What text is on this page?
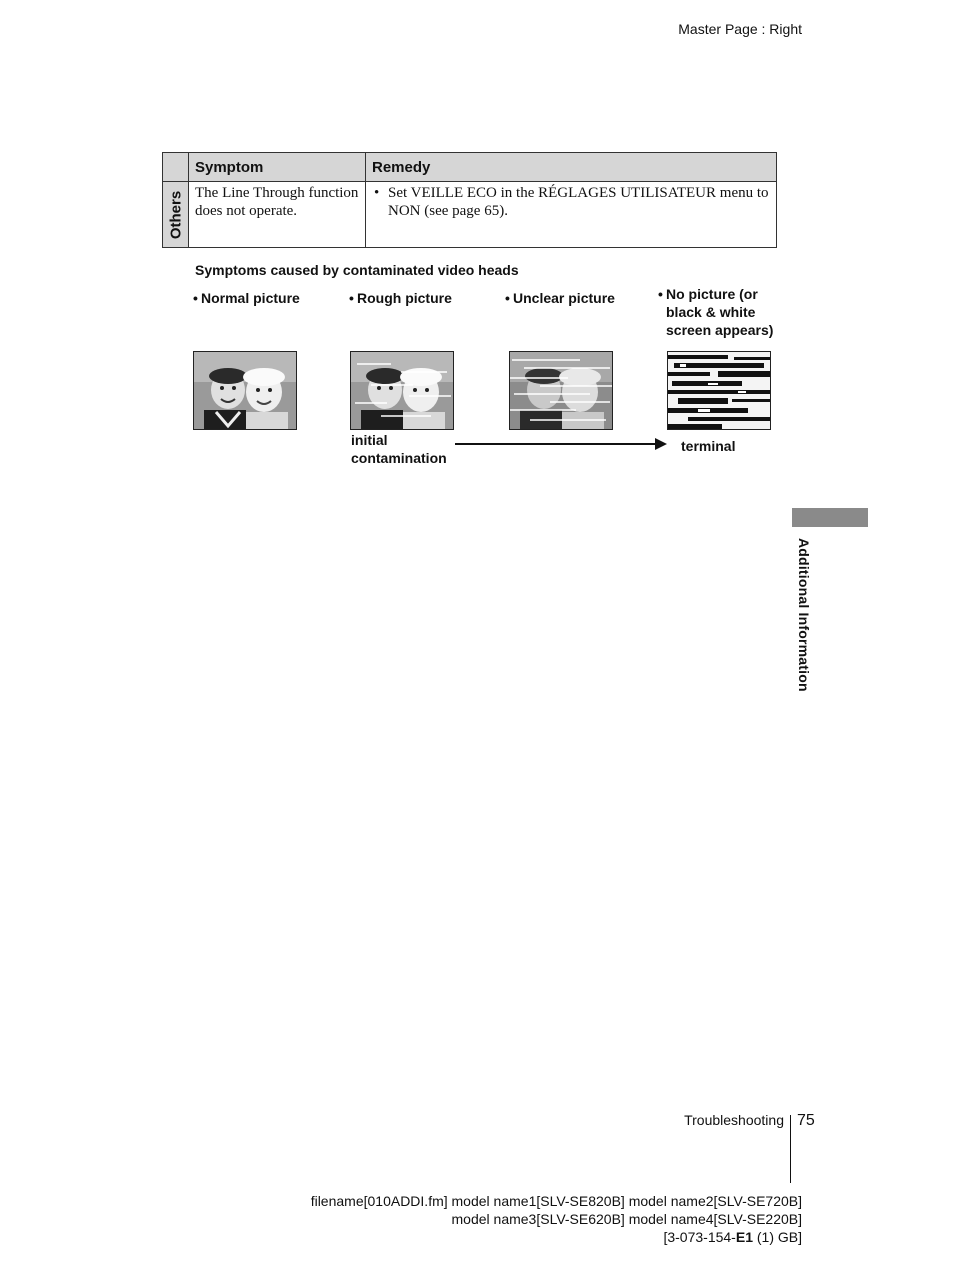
Master Page : Right
	Symptom	Remedy

Others	The Line Through function does not operate.	• Set VEILLE ECO in the RÉGLAGES UTILISATEUR menu to NON (see page 65).
Symptoms caused by contaminated video heads
• Normal picture	• Rough picture	• Unclear picture	• No picture (or black & white screen appears)
initial contamination
terminal
Additional Information
Troubleshooting 75
filename[010ADDI.fm] model name1[SLV-SE820B] model name2[SLV-SE720B]
model name3[SLV-SE620B] model name4[SLV-SE220B]
[3-073-154-E1 (1) GB]
